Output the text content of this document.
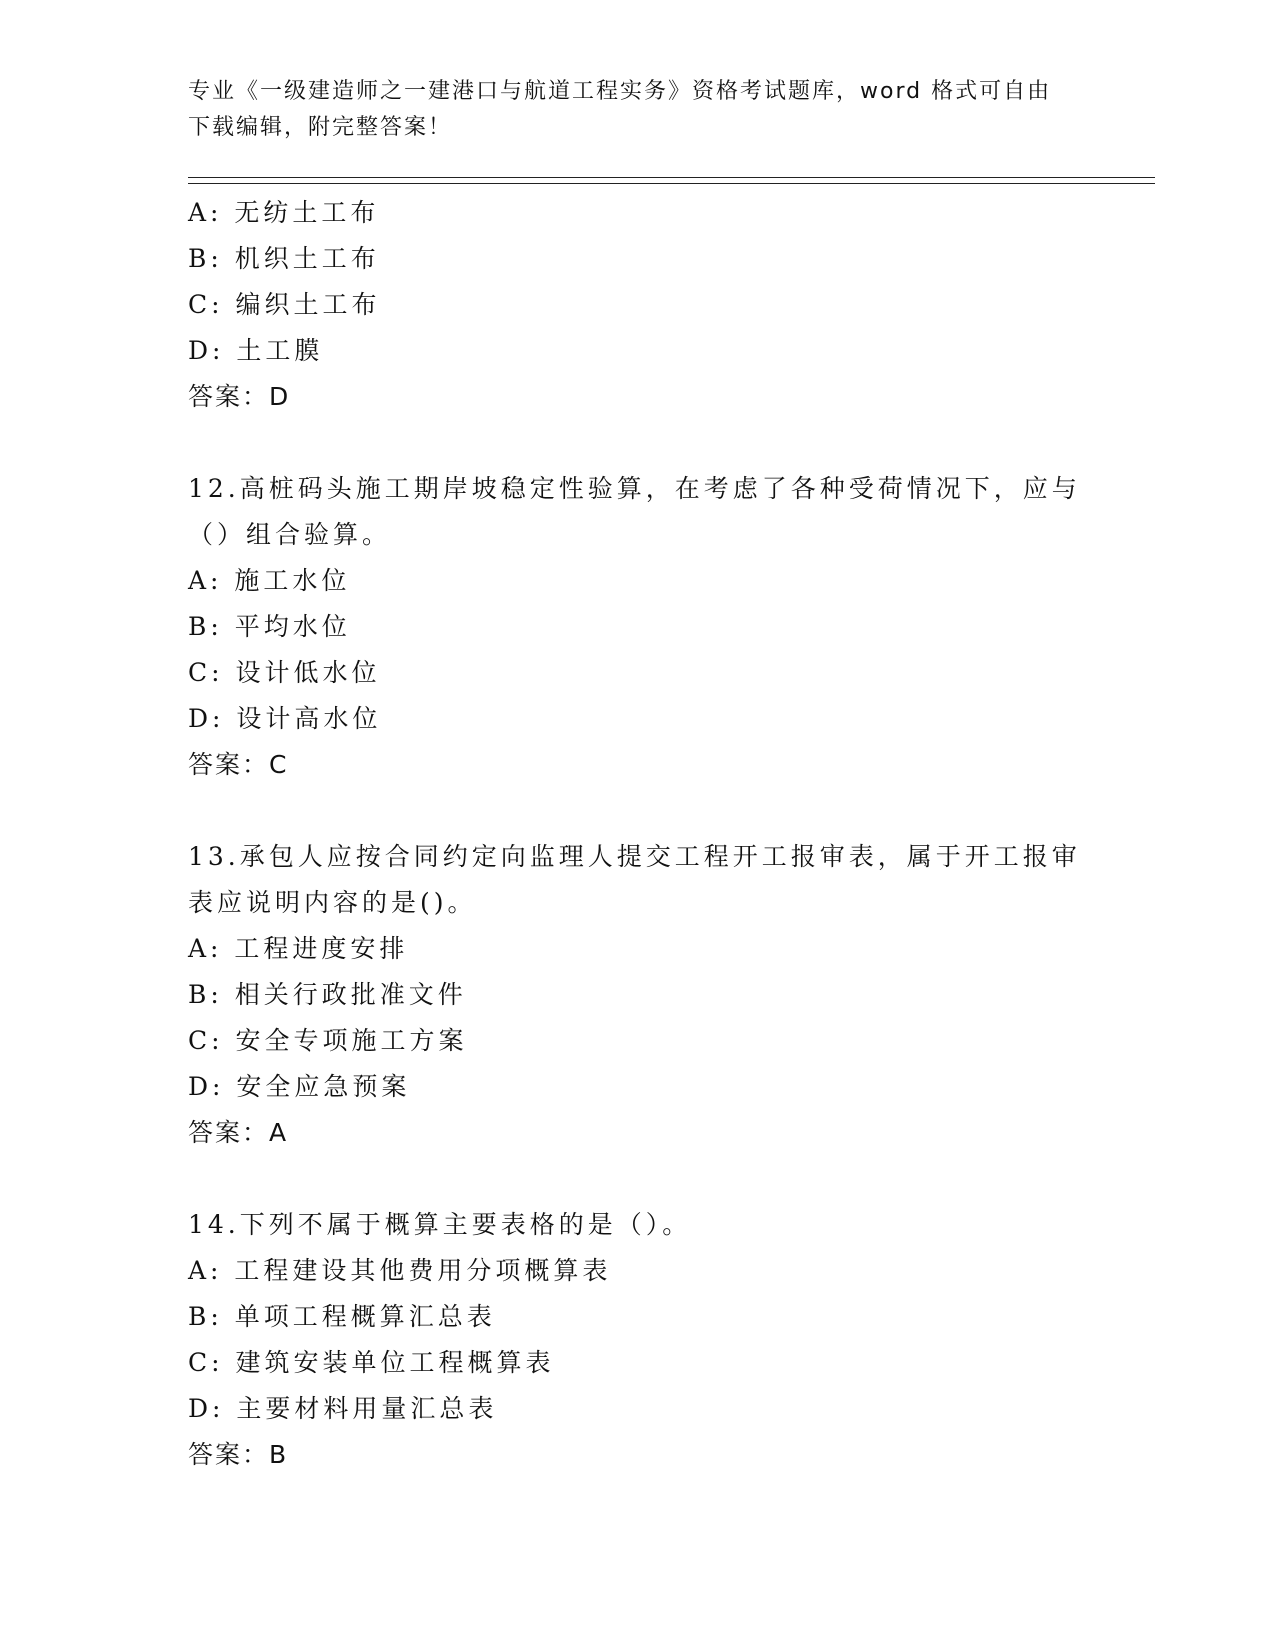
专业《一级建造师之一建港口与航道工程实务》资格考试题库，word 格式可自由
下载编辑，附完整答案！
A: 无纺土工布
B: 机织土工布
C: 编织土工布
D: 土工膜
答案：D
12.高桩码头施工期岸坡稳定性验算，在考虑了各种受荷情况下，应与
（）组合验算。
A: 施工水位
B: 平均水位
C: 设计低水位
D: 设计高水位
答案：C
13.承包人应按合同约定向监理人提交工程开工报审表，属于开工报审
表应说明内容的是()。
A: 工程进度安排
B: 相关行政批准文件
C: 安全专项施工方案
D: 安全应急预案
答案：A
14.下列不属于概算主要表格的是（）。
A: 工程建设其他费用分项概算表
B: 单项工程概算汇总表
C: 建筑安装单位工程概算表
D: 主要材料用量汇总表
答案：B
